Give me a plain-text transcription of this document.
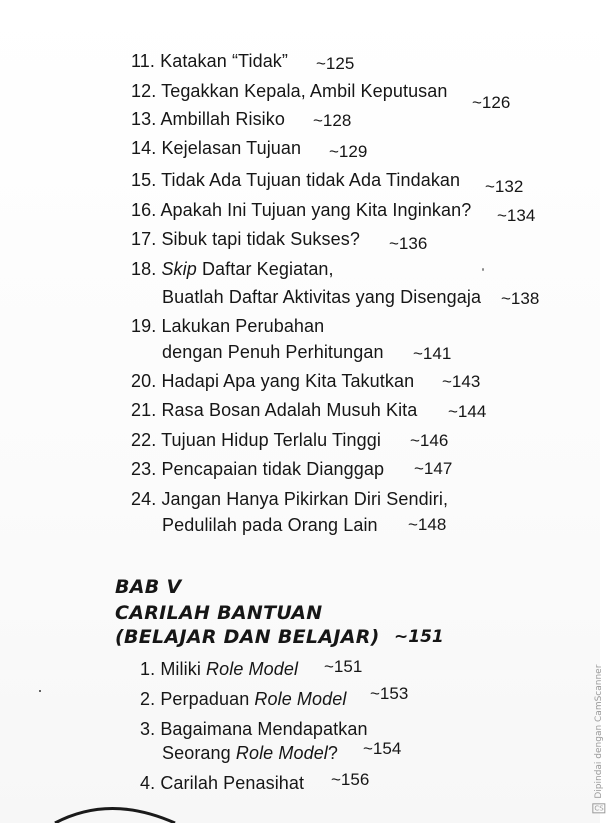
11. Katakan “Tidak” ~125
12. Tegakkan Kepala, Ambil Keputusan
~126
13. Ambillah Risiko ~128
14. Kejelasan Tujuan ~129
15. Tidak Ada Tujuan tidak Ada Tindakan ~132
16. Apakah Ini Tujuan yang Kita Inginkan? ~134
17. Sibuk tapi tidak Sukses? ~136
18. Skip Daftar Kegiatan,
Buatlah Daftar Aktivitas yang Disengaja ~138
19. Lakukan Perubahan
dengan Penuh Perhitungan ~141
20. Hadapi Apa yang Kita Takutkan ~143
21. Rasa Bosan Adalah Musuh Kita ~144
22. Tujuan Hidup Terlalu Tinggi ~146
23. Pencapaian tidak Dianggap ~147
24. Jangan Hanya Pikirkan Diri Sendiri,
Pedulilah pada Orang Lain ~148
BAB V
CARILAH BANTUAN
(BELAJAR DAN BELAJAR) ~151
1. Miliki Role Model ~151
2. Perpaduan Role Model ~153
3. Bagaimana Mendapatkan
Seorang Role Model? ~154
4. Carilah Penasihat ~156
CSDipindai dengan CamScanner
